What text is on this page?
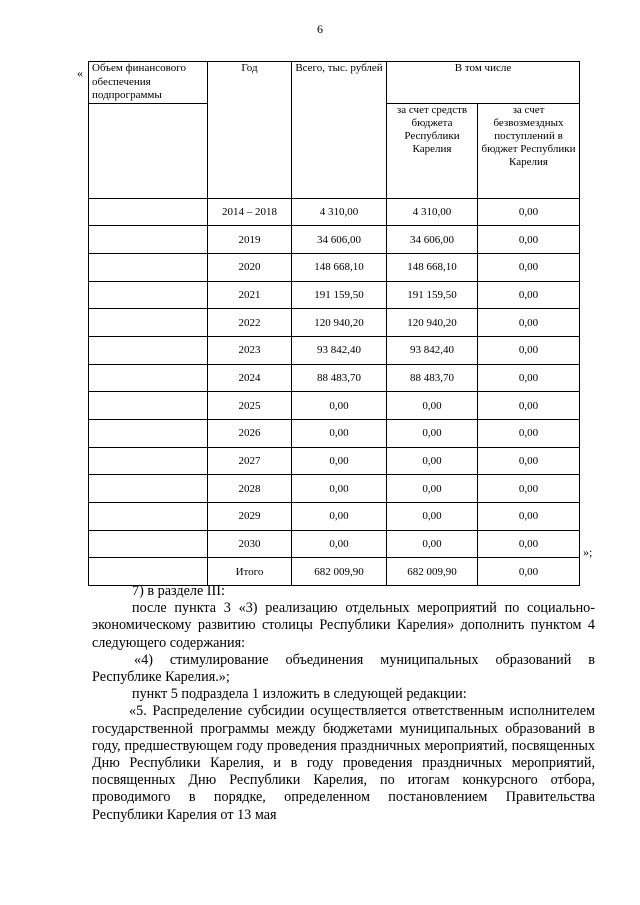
6
«
»;
Объем финансового обеспечения подпрограммы	Год	Всего, тыс. рублей	В том числе	
			за счет средств бюджета Республики Карелия	за счет безвозмездных поступлений в бюджет Республики Карелия
	2014 – 2018	4 310,00	4 310,00	0,00
	2019	34 606,00	34 606,00	0,00
	2020	148 668,10	148 668,10	0,00
	2021	191 159,50	191 159,50	0,00
	2022	120 940,20	120 940,20	0,00
	2023	93 842,40	93 842,40	0,00
	2024	88 483,70	88 483,70	0,00
	2025	0,00	0,00	0,00
	2026	0,00	0,00	0,00
	2027	0,00	0,00	0,00
	2028	0,00	0,00	0,00
	2029	0,00	0,00	0,00
	2030	0,00	0,00	0,00
	Итого	682 009,90	682 009,90	0,00

7) в разделе III:

после пункта 3 «3) реализацию отдельных мероприятий по социально-экономическому развитию столицы Республики Карелия» дополнить пунктом 4 следующего содержания:

«4) стимулирование объединения муниципальных образований в Республике Карелия.»;

пункт 5 подраздела 1 изложить в следующей редакции:

«5. Распределение субсидии осуществляется ответственным исполнителем государственной программы между бюджетами муниципальных образований в году, предшествующем году проведения праздничных мероприятий, посвященных Дню Республики Карелия, и в году проведения праздничных мероприятий, посвященных Дню Республики Карелия, по итогам конкурсного отбора, проводимого в порядке, определенном постановлением Правительства Республики Карелия от 13 мая
